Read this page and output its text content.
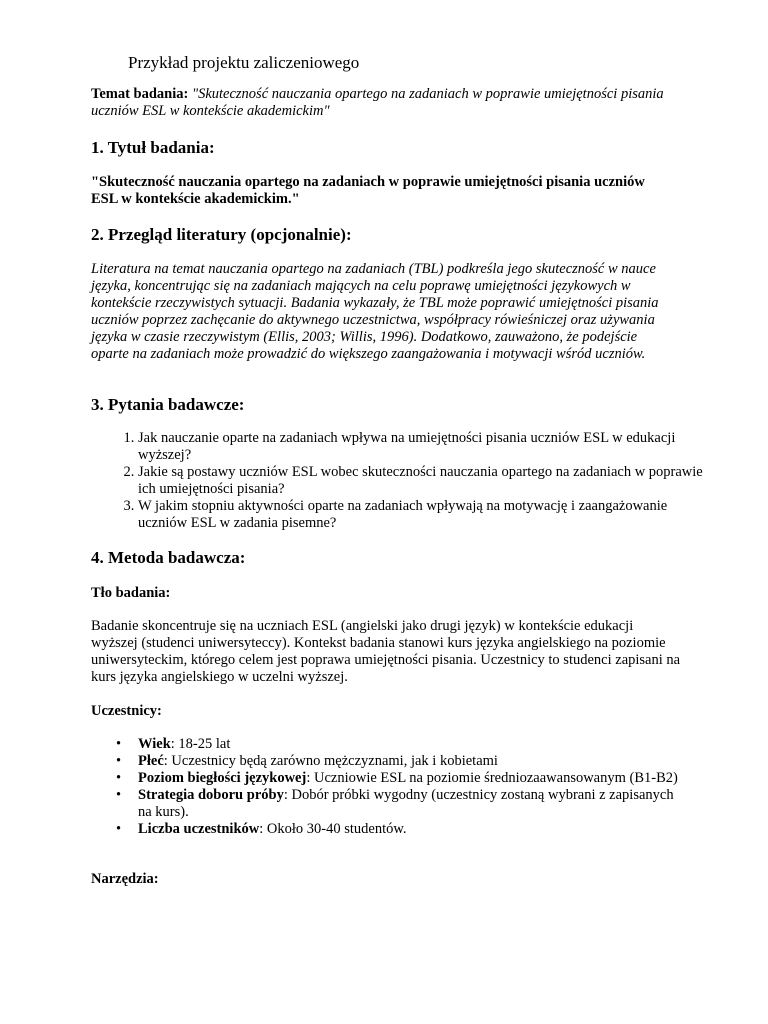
Przykład projektu zaliczeniowego

Temat badania: "Skuteczność nauczania opartego na zadaniach w poprawie umiejętności pisania uczniów ESL w kontekście akademickim"

1. Tytuł badania:

"Skuteczność nauczania opartego na zadaniach w poprawie umiejętności pisania uczniów ESL w kontekście akademickim."

2. Przegląd literatury (opcjonalnie):

Literatura na temat nauczania opartego na zadaniach (TBL) podkreśla jego skuteczność w nauce języka, koncentrując się na zadaniach mających na celu poprawę umiejętności językowych w kontekście rzeczywistych sytuacji. Badania wykazały, że TBL może poprawić umiejętności pisania uczniów poprzez zachęcanie do aktywnego uczestnictwa, współpracy rówieśniczej oraz używania języka w czasie rzeczywistym (Ellis, 2003; Willis, 1996). Dodatkowo, zauważono, że podejście oparte na zadaniach może prowadzić do większego zaangażowania i motywacji wśród uczniów.

3. Pytania badawcze:
1. Jak nauczanie oparte na zadaniach wpływa na umiejętności pisania uczniów ESL w edukacji wyższej?
2. Jakie są postawy uczniów ESL wobec skuteczności nauczania opartego na zadaniach w poprawie ich umiejętności pisania?
3. W jakim stopniu aktywności oparte na zadaniach wpływają na motywację i zaangażowanie uczniów ESL w zadania pisemne?
4. Metoda badawcza:

Tło badania:

Badanie skoncentruje się na uczniach ESL (angielski jako drugi język) w kontekście edukacji wyższej (studenci uniwersyteccy). Kontekst badania stanowi kurs języka angielskiego na poziomie uniwersyteckim, którego celem jest poprawa umiejętności pisania. Uczestnicy to studenci zapisani na kurs języka angielskiego w uczelni wyższej.

Uczestnicy:

• Wiek: 18-25 lat
• Płeć: Uczestnicy będą zarówno mężczyznami, jak i kobietami
• Poziom biegłości językowej: Uczniowie ESL na poziomie średniozaawansowanym (B1-B2)
• Strategia doboru próby: Dobór próbki wygodny (uczestnicy zostaną wybrani z zapisanych na kurs).
• Liczba uczestników: Około 30-40 studentów.

Narzędzia:
